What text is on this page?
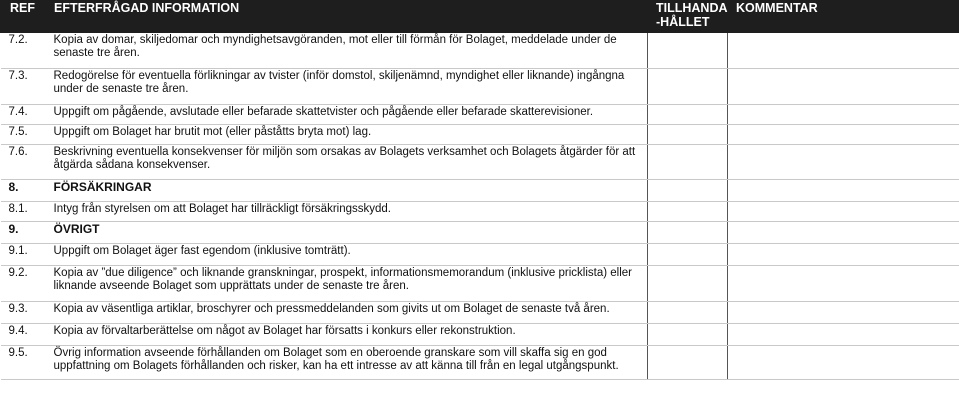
REF	EFTERFRÅGAD INFORMATION	TILLHANDA -HÅLLET	KOMMENTAR

7.2.	Kopia av domar, skiljedomar och myndighetsavgöranden, mot eller till förmån för Bolaget, meddelade under de senaste tre åren.		
7.3.	Redogörelse för eventuella förlikningar av tvister (inför domstol, skiljenämnd, myndighet eller liknande) ingångna under de senaste tre åren.		
7.4.	Uppgift om pågående, avslutade eller befarade skattetvister och pågående eller befarade skatterevisioner.		
7.5.	Uppgift om Bolaget har brutit mot (eller påståtts bryta mot) lag.		
7.6.	Beskrivning eventuella konsekvenser för miljön som orsakas av Bolagets verksamhet och Bolagets åtgärder för att åtgärda sådana konsekvenser.		
8.	FÖRSÄKRINGAR		
8.1.	Intyg från styrelsen om att Bolaget har tillräckligt försäkringsskydd.		
9.	ÖVRIGT		
9.1.	Uppgift om Bolaget äger fast egendom (inklusive tomträtt).		
9.2.	Kopia av ”due diligence” och liknande granskningar, prospekt, informationsmemorandum (inklusive pricklista) eller liknande avseende Bolaget som upprättats under de senaste tre åren.		
9.3.	Kopia av väsentliga artiklar, broschyrer och pressmeddelanden som givits ut om Bolaget de senaste två åren.		
9.4.	Kopia av förvaltarberättelse om något av Bolaget har försatts i konkurs eller rekonstruktion.		
9.5.	Övrig information avseende förhållanden om Bolaget som en oberoende granskare som vill skaffa sig en god uppfattning om Bolagets förhållanden och risker, kan ha ett intresse av att känna till från en legal utgångspunkt.		
